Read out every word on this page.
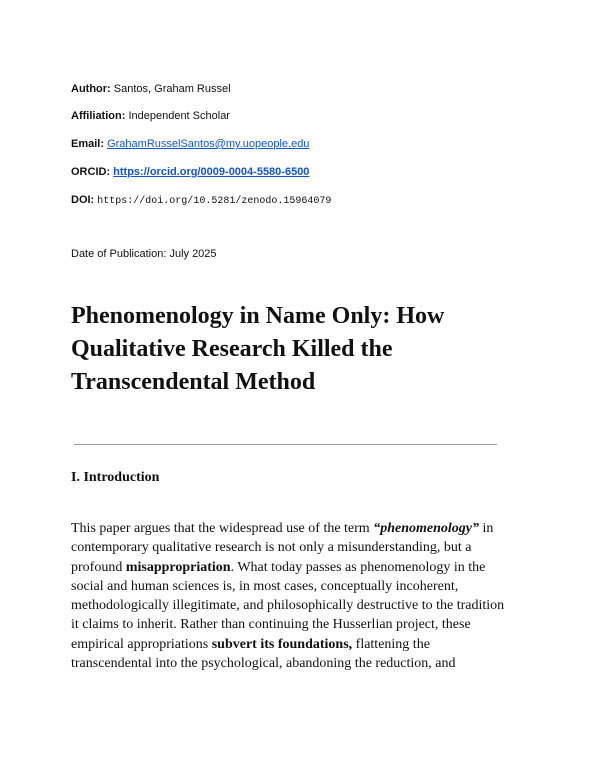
Author: Santos, Graham Russel
Affiliation: Independent Scholar
Email: GrahamRusselSantos@my.uopeople.edu
ORCID: https://orcid.org/0009-0004-5580-6500
DOI: https://doi.org/10.5281/zenodo.15964079
Date of Publication: July 2025
Phenomenology in Name Only: How
Qualitative Research Killed the
Transcendental Method
I. Introduction
This paper argues that the widespread use of the term “phenomenology” in
contemporary qualitative research is not only a misunderstanding, but a
profound misappropriation. What today passes as phenomenology in the
social and human sciences is, in most cases, conceptually incoherent,
methodologically illegitimate, and philosophically destructive to the tradition
it claims to inherit. Rather than continuing the Husserlian project, these
empirical appropriations subvert its foundations, flattening the
transcendental into the psychological, abandoning the reduction, and
